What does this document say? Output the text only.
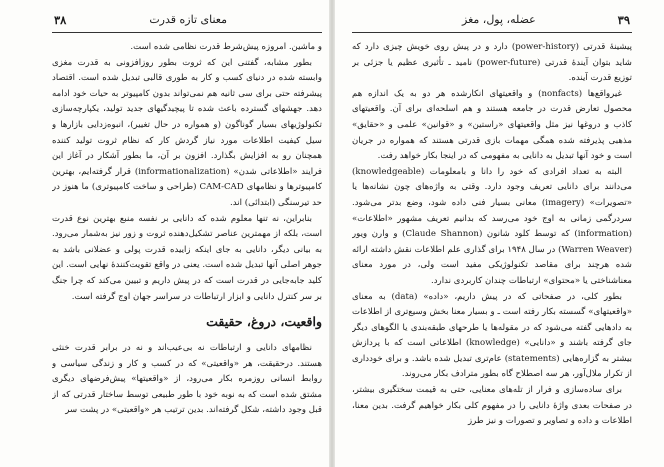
۳۸	معنای تازه قدرت

و ماشین. امروزه پیش‌شرط قدرت نظامی شده است.

بطور مشابه، گفتنی این که ثروت بطور روزافزونی به قدرت مغزی وابسته شده در دنیای کسب و کار به طوری قالبی تبدیل شده است. اقتصاد پیشرفته حتی برای سی ثانیه هم نمی‌تواند بدون کامپیوتر به حیات خود ادامه دهد. جهشهای گسترده باعث شده تا پیچیدگیهای جدید تولید، یکپارچه‌سازی تکنولوژیهای بسیار گوناگون (و همواره در حال تغییر)، انبوه‌زدایی بازارها و سیل کیفیت اطلاعات مورد نیاز گردش کار که نظام ثروت تولید کننده همچنان رو به افزایش بگذارد. افزون بر آن، ما بطور آشکار در آغاز این فرایند «اطلاعاتی شدن» (informationalization) قرار گرفته‌ایم، بهترین کامپیوترها و نظامهای CAM-CAD (طراحی و ساخت کامپیوتری) ما هنوز در حد تیرسنگی (ابتدائی) اند.

بنابراین، نه تنها معلوم شده که دانایی بر نفسه منبع بهترین نوع قدرت است، بلکه از مهمترین عناصر تشکیل‌دهنده ثروت و زور نیز به‌شمار می‌رود. به بیانی دیگر، دانایی به جای اینکه زاییده قدرت پولی و عضلانی باشد به جوهر اصلی آنها تبدیل شده است. یعنی در واقع تقویت‌کنندهٔ نهایی است. این کلید جابه‌جایی در قدرت است که در پیش داریم و تبیین می‌کند که چرا جنگ بر سر کنترل دانایی و ابزار ارتباطات در سراسر جهان اوج گرفته است.

واقعیت، دروغ، حقیقت

نظامهای دانایی و ارتباطات نه بی‌عیب‌اند و نه در برابر قدرت خنثی هستند. درحقیقت، هر «واقعیتی» که در کسب و کار و زندگی سیاسی و روابط انسانی روزمره بکار می‌رود، از «واقعیتها» پیش‌فرضهای دیگری مشتق شده است که به نوبه خود با طور طبیعی توسط ساختار قدرتی که از قبل وجود داشته، شکل گرفته‌اند. بدین ترتیب هر «واقعیتی» در پشت سر

۳۹
عضله، پول، مغز

پیشینهٔ قدرتی (power-history) دارد و در پیش روی خویش چیزی دارد که شاید بتوان آیندهٔ قدرتی (power-future) نامید ـ تأثیری عظیم یا جزئی بر توزیع قدرت آینده.

غیرواقع‌ها (nonfacts) و واقعیتهای انکارشده هر دو به یک اندازه هم محصول تعارض قدرت در جامعه هستند و هم اسلحه‌ای برای آن. واقعیتهای کاذب و دروغها نیز مثل واقعیتهای «راستین» و «قوانین» علمی و «حقایق» مذهبی پذیرفته شده همگی مهمات بازی قدرتی هستند که همواره در جریان است و خود آنها تبدیل به دانایی به مفهومی که در اینجا بکار خواهد رفت.

البته به تعداد افرادی که خود را دانا و بامعلومات (knowledgeable) می‌دانند برای دانایی تعریف وجود دارد. وقتی به واژه‌های چون نشانه‌ها یا «تصویرات» (imagery) معانی بسیار فنی داده شود، وضع بدتر می‌شود. سردرگمی زمانی به اوج خود می‌رسد که بدانیم تعریف مشهور «اطلاعات» (information) که توسط کلود شانون (Claude Shannon) و وارن ویور (Warren Weaver) در سال ۱۹۴۸ برای گذاری علم اطلاعات نقش داشته ارائه شده هرچند برای مقاصد تکنولوژیکی مفید است ولی، در مورد معنای معناشناختی یا «محتوای» ارتباطات چندان کاربردی ندارد.

بطور کلی، در صفحاتی که در پیش داریم، «داده» (data) به معنای «واقعیتهای» گسسته بکار رفته است ـ و بسیار معنا بخش وسیع‌تری از اطلاعات به دادهایی گفته می‌شود که در مقوله‌ها یا طرحهای طبقه‌بندی یا الگوهای دیگر جای گرفته باشند و «دانایی» (knowledge) اطلاعاتی است که با پردازش بیشتر به گزاره‌هایی (statements) عام‌تری تبدیل شده باشد. و برای خودداری از تکرار ملال‌آور، هر سه اصطلاح گاه بطور مترادف بکار می‌روند.

برای ساده‌سازی و فرار از تله‌های معنایی، حتی به قیمت سختگیری بیشتر، در صفحات بعدی واژهٔ دانایی را در مفهوم کلی بکار خواهیم گرفت. بدین معنا، اطلاعات و داده و تصاویر و تصورات و نیز طرز
